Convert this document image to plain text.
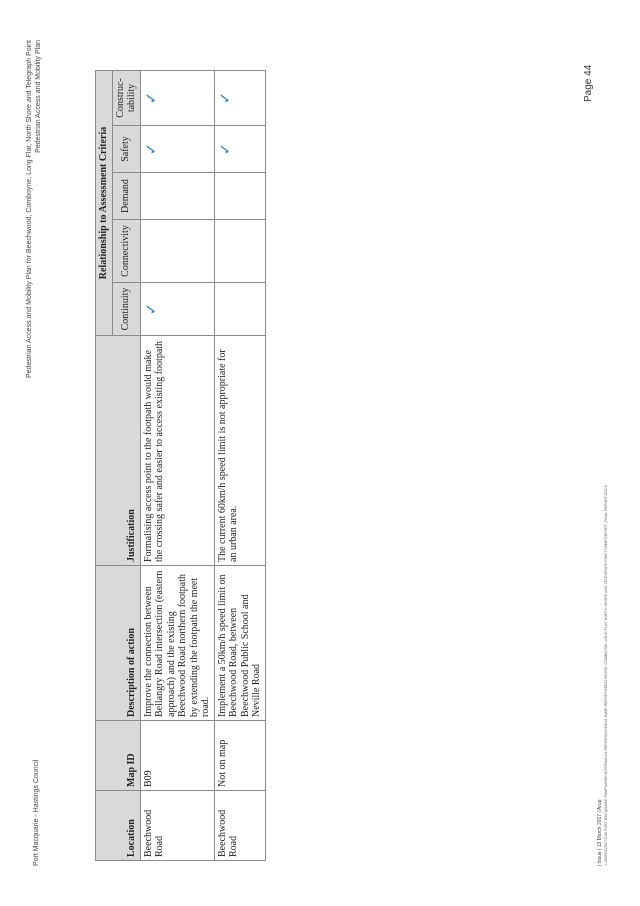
Port Macquarie - Hastings Council
Pedestrian Access and Mobility Plan for Beechwood, Comboyne, Long Flat, North Shore and Telegraph Point Pedestrian Access and Mobility Plan
Location	Map ID	Description of action	Justification	Relationship to Assessment Criteria				
				Continuity	Connectivity	Demand	Safety	Construc-tability
Beechwood Road	B09	Improve the connection between Bellangry Road intersection (eastern approach) and the existing Beechwood Road northern footpath by extending the footpath the meet road.	Formalising access point to the footpath would make the crossing safer and easier to access existing footpath	✓			✓	✓
Beechwood Road	Not on map	Implement a 50km/h speed limit on Beechwood Road, between Beechwood Public School and Neville Road	The current 60km/h speed limit is not appropriate for an urban area.				✓	✓
| Issue | 13 March 2017 | Arup J:\250000\250770-00 PORT MACQUARIE PAMP\WORK\INTERNAL\04 REPORTING\FINAL PAMP REPORT\BEECHWOOD, COMBOYNE, LONG FLAT, NORTH SHORE AND TELEGRAPH POINT PAMP REPORT_FINAL REPORT.DOCX
Page 44
